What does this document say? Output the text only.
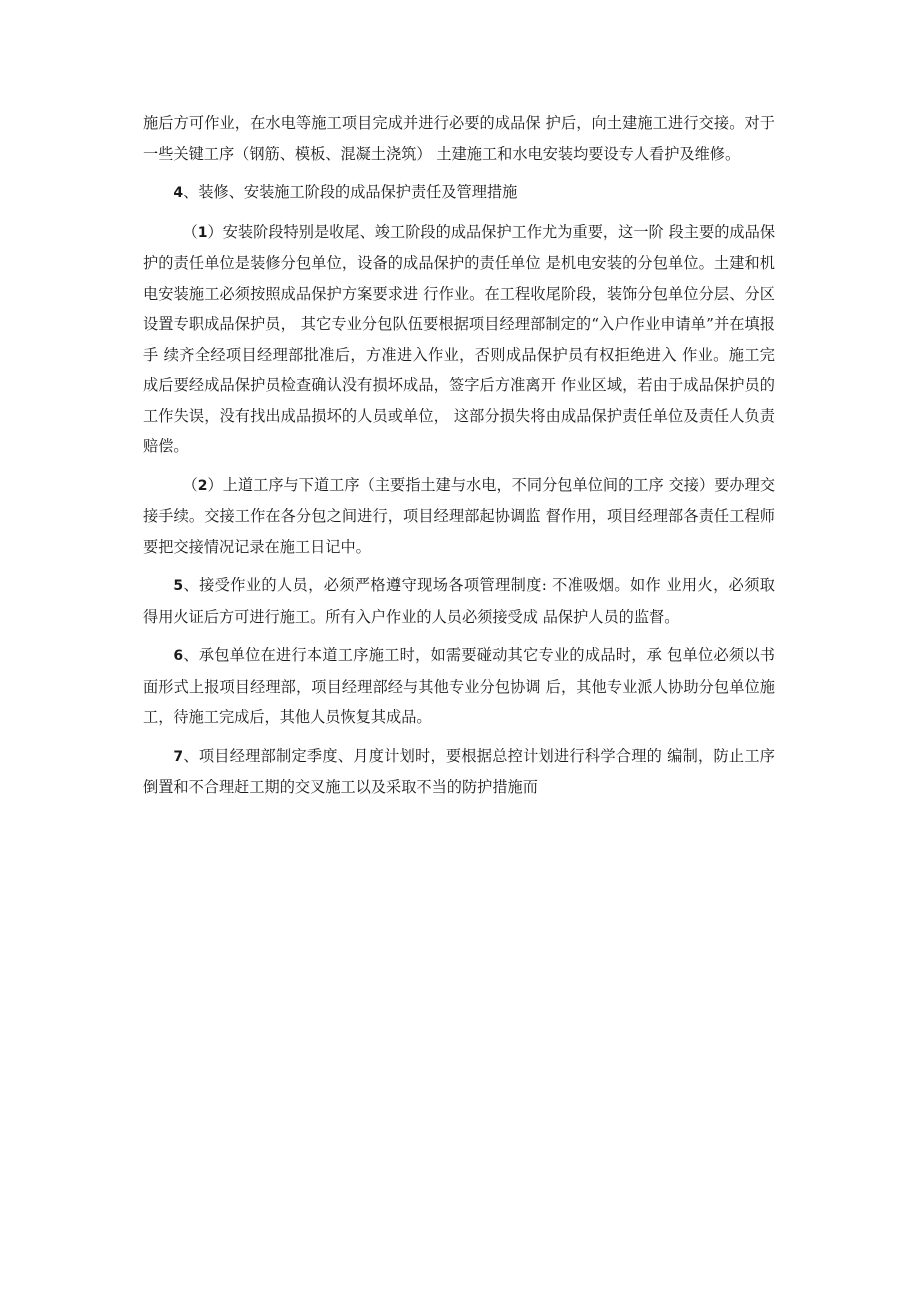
施后方可作业，在水电等施工项目完成并进行必要的成品保 护后，向土建施工进行交接。对于一些关键工序（钢筋、模板、混凝土浇筑） 土建施工和水电安装均要设专人看护及维修。

4、装修、安装施工阶段的成品保护责任及管理措施

（1）安装阶段特别是收尾、竣工阶段的成品保护工作尤为重要，这一阶 段主要的成品保护的责任单位是装修分包单位，设备的成品保护的责任单位 是机电安装的分包单位。土建和机电安装施工必须按照成品保护方案要求进 行作业。在工程收尾阶段，装饰分包单位分层、分区设置专职成品保护员， 其它专业分包队伍要根据项目经理部制定的“入户作业申请单”并在填报手 续齐全经项目经理部批准后，方准进入作业，否则成品保护员有权拒绝进入 作业。施工完成后要经成品保护员检查确认没有损坏成品，签字后方准离开 作业区域，若由于成品保护员的工作失误，没有找出成品损坏的人员或单位， 这部分损失将由成品保护责任单位及责任人负责赔偿。

（2）上道工序与下道工序（主要指土建与水电，不同分包单位间的工序 交接）要办理交接手续。交接工作在各分包之间进行，项目经理部起协调监 督作用，项目经理部各责任工程师要把交接情况记录在施工日记中。

5、接受作业的人员，必须严格遵守现场各项管理制度: 不准吸烟。如作 业用火，必须取得用火证后方可进行施工。所有入户作业的人员必须接受成 品保护人员的监督。

6、承包单位在进行本道工序施工时，如需要碰动其它专业的成品时，承 包单位必须以书面形式上报项目经理部，项目经理部经与其他专业分包协调 后，其他专业派人协助分包单位施工，待施工完成后，其他人员恢复其成品。

7、项目经理部制定季度、月度计划时，要根据总控计划进行科学合理的 编制，防止工序倒置和不合理赶工期的交叉施工以及采取不当的防护措施而
